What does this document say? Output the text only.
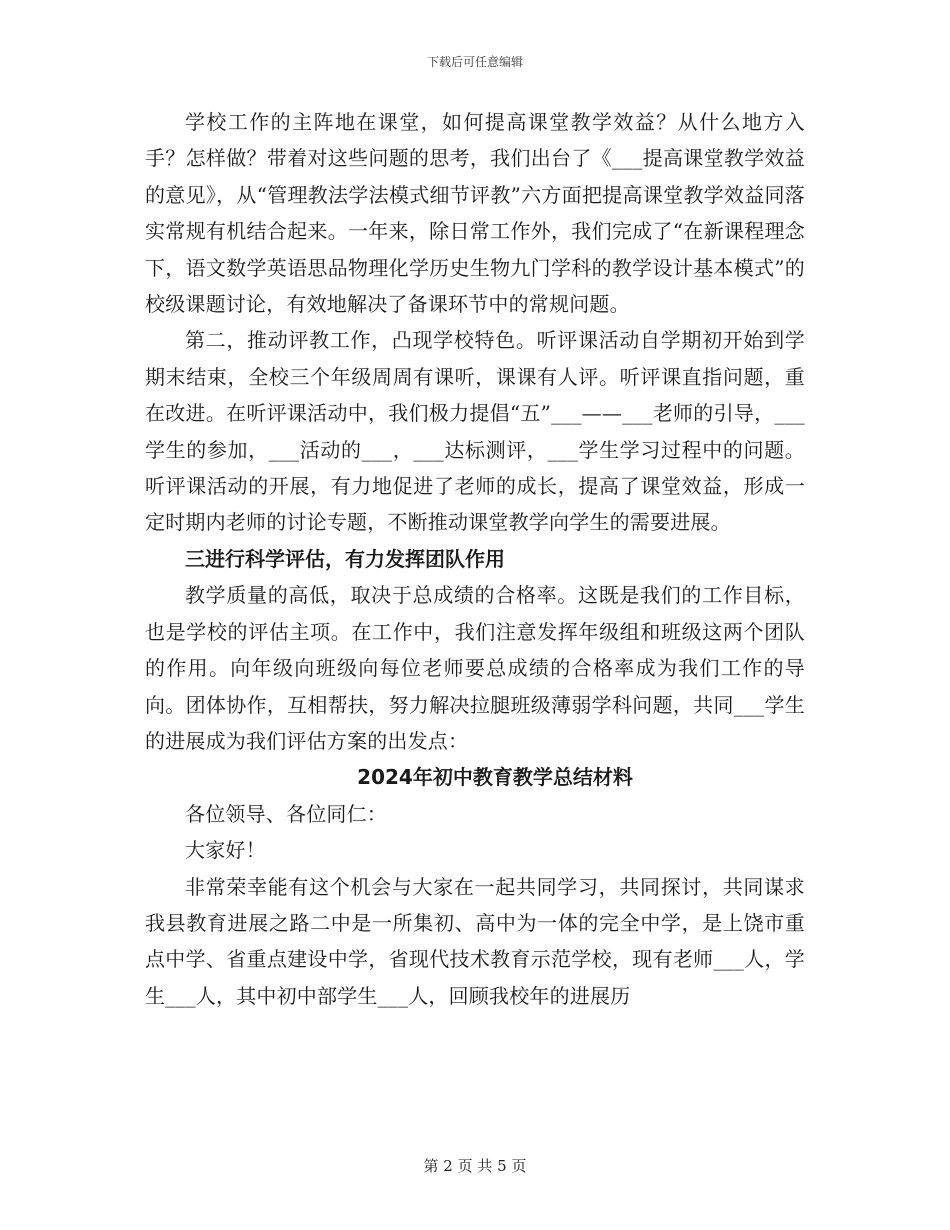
下载后可任意编辑

学校工作的主阵地在课堂，如何提高课堂教学效益？从什么地方入手？怎样做？带着对这些问题的思考，我们出台了《___提高课堂教学效益的意见》，从“管理教法学法模式细节评教”六方面把提高课堂教学效益同落实常规有机结合起来。一年来，除日常工作外，我们完成了“在新课程理念下，语文数学英语思品物理化学历史生物九门学科的教学设计基本模式”的校级课题讨论，有效地解决了备课环节中的常规问题。

第二，推动评教工作，凸现学校特色。听评课活动自学期初开始到学期末结束，全校三个年级周周有课听，课课有人评。听评课直指问题，重在改进。在听评课活动中，我们极力提倡“五”___——___老师的引导，___学生的参加，___活动的___，___达标测评，___学生学习过程中的问题。听评课活动的开展，有力地促进了老师的成长，提高了课堂效益，形成一定时期内老师的讨论专题，不断推动课堂教学向学生的需要进展。

三进行科学评估，有力发挥团队作用

教学质量的高低，取决于总成绩的合格率。这既是我们的工作目标，也是学校的评估主项。在工作中，我们注意发挥年级组和班级这两个团队的作用。向年级向班级向每位老师要总成绩的合格率成为我们工作的导向。团体协作，互相帮扶，努力解决拉腿班级薄弱学科问题，共同___学生的进展成为我们评估方案的出发点：

2024年初中教育教学总结材料

各位领导、各位同仁：

大家好！

非常荣幸能有这个机会与大家在一起共同学习，共同探讨，共同谋求我县教育进展之路二中是一所集初、高中为一体的完全中学，是上饶市重点中学、省重点建设中学，省现代技术教育示范学校，现有老师___人，学生___人，其中初中部学生___人，回顾我校年的进展历

第 2 页 共 5 页
